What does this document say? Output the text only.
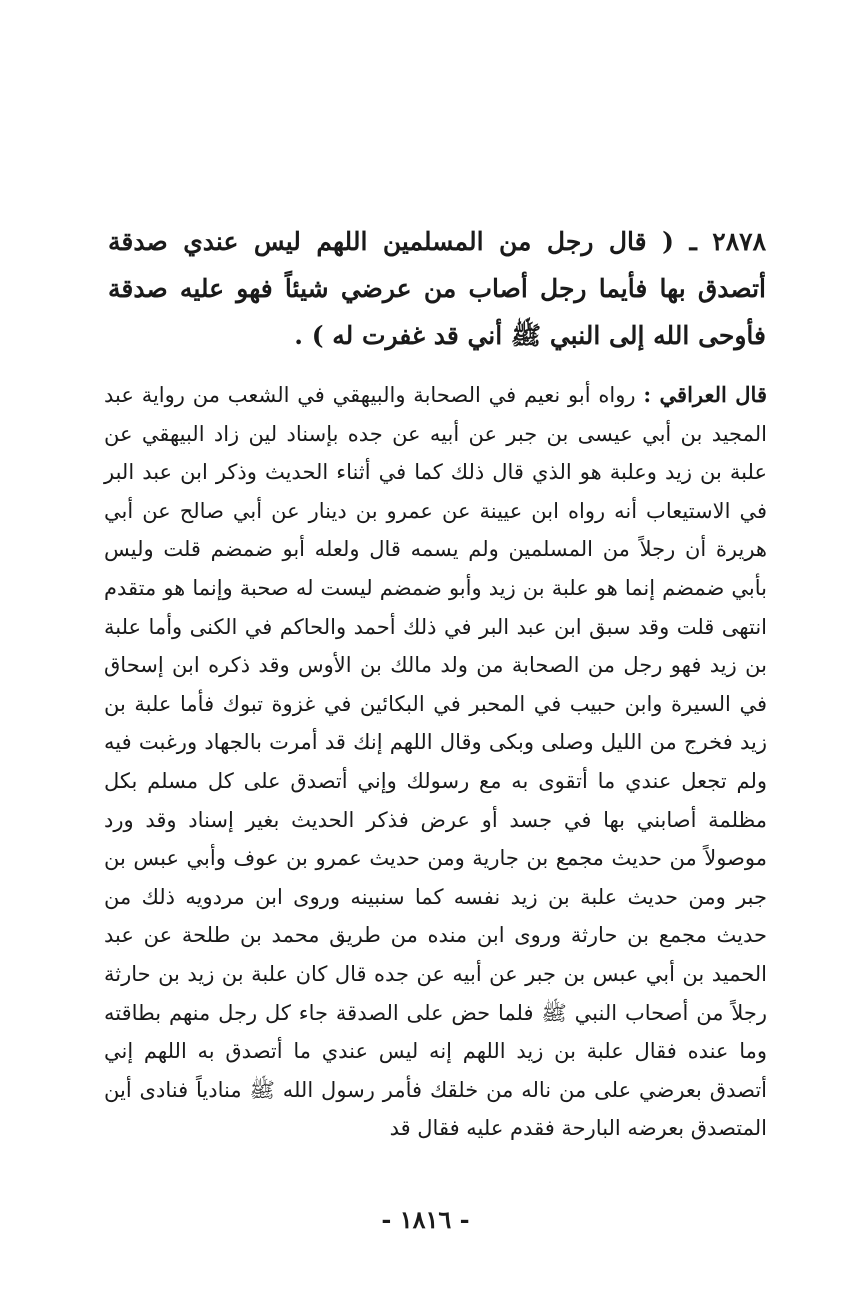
٢٨٧٨ ـ ( قال رجل من المسلمين اللهم ليس عندي صدقة أتصدق بها فأيما رجل أصاب من عرضي شيئاً فهو عليه صدقة فأوحى الله إلى النبي ﷺ أني قد غفرت له ) .
قال العراقي : رواه أبو نعيم في الصحابة والبيهقي في الشعب من رواية عبد المجيد بن أبي عيسى بن جبر عن أبيه عن جده بإسناد لين زاد البيهقي عن علبة بن زيد وعلبة هو الذي قال ذلك كما في أثناء الحديث وذكر ابن عبد البر في الاستيعاب أنه رواه ابن عيينة عن عمرو بن دينار عن أبي صالح عن أبي هريرة أن رجلاً من المسلمين ولم يسمه قال ولعله أبو ضمضم قلت وليس بأبي ضمضم إنما هو علبة بن زيد وأبو ضمضم ليست له صحبة وإنما هو متقدم انتهى قلت وقد سبق ابن عبد البر في ذلك أحمد والحاكم في الكنى وأما علبة بن زيد فهو رجل من الصحابة من ولد مالك بن الأوس وقد ذكره ابن إسحاق في السيرة وابن حبيب في المحبر في البكائين في غزوة تبوك فأما علبة بن زيد فخرج من الليل وصلى وبكى وقال اللهم إنك قد أمرت بالجهاد ورغبت فيه ولم تجعل عندي ما أتقوى به مع رسولك وإني أتصدق على كل مسلم بكل مظلمة أصابني بها في جسد أو عرض فذكر الحديث بغير إسناد وقد ورد موصولاً من حديث مجمع بن جارية ومن حديث عمرو بن عوف وأبي عبس بن جبر ومن حديث علبة بن زيد نفسه كما سنبينه وروى ابن مردويه ذلك من حديث مجمع بن حارثة وروى ابن منده من طريق محمد بن طلحة عن عبد الحميد بن أبي عبس بن جبر عن أبيه عن جده قال كان علبة بن زيد بن حارثة رجلاً من أصحاب النبي ﷺ فلما حض على الصدقة جاء كل رجل منهم بطاقته وما عنده فقال علبة بن زيد اللهم إنه ليس عندي ما أتصدق به اللهم إني أتصدق بعرضي على من ناله من خلقك فأمر رسول الله ﷺ منادياً فنادى أين المتصدق بعرضه البارحة فقدم عليه فقال قد
- ١٨١٦ -
